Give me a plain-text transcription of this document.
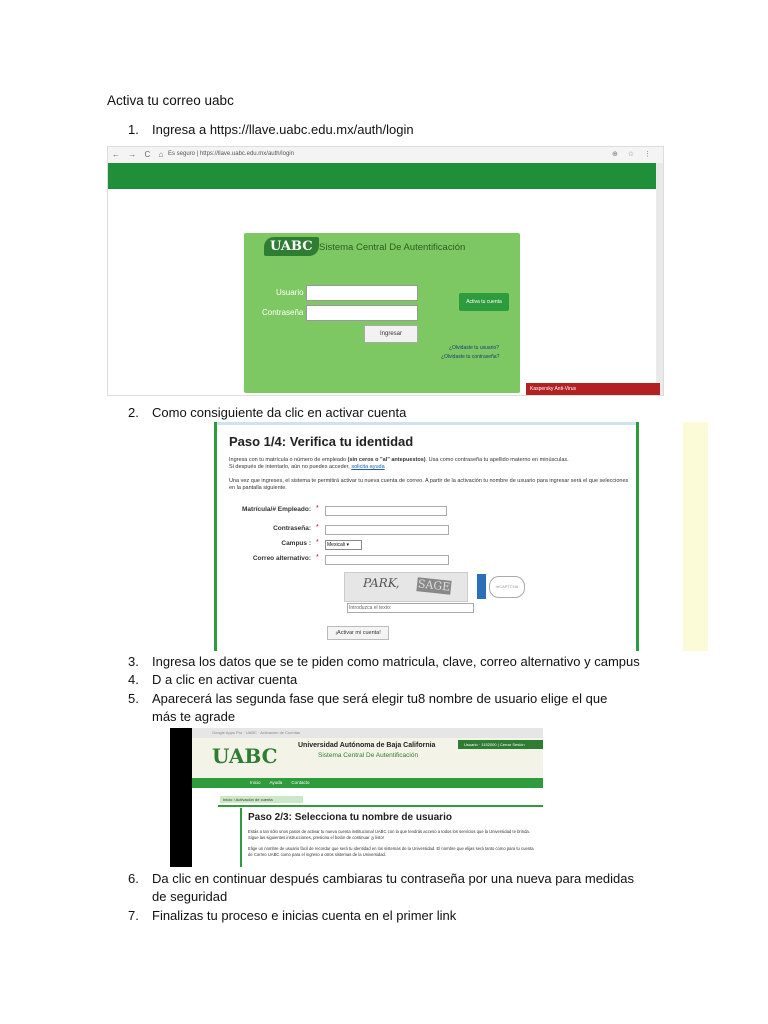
Activa tu correo uabc
1. Ingresa a https://llave.uabc.edu.mx/auth/login
← → C ⌂ Es seguro | https://llave.uabc.edu.mx/auth/login	⊕ ☆ ⋮
UABC Sistema Central De Autentificación
Usuario
Contraseña
Ingresar
Activa tu cuenta
¿Olvidaste tu usuario?
¿Olvidaste tu contraseña?
Kaspersky Anti-Virus
2. Como consiguiente da clic en activar cuenta
Paso 1/4: Verifica tu identidad
Ingresa con tu matrícula o número de empleado (sin ceros o "al" antepuestos). Usa como contraseña tu apellido materno en minúsculas.
Si después de intentarlo, aún no puedes acceder, solicita ayuda
Una vez que ingreses, el sistema te permitirá activar tu nueva cuenta de correo. A partir de la activación tu nombre de usuario para ingresar será el que selecciones en la pantalla siguiente.
Matrícula/# Empleado: *
Contraseña: *
Campus : *	Mexicali ▾
Correo alternativo: *
PARK, SAGE
Introduzca el texto:
reCAPTCHA
¡Activar mi cuenta!
3. Ingresa los datos que se te piden como matricula, clave, correo alternativo y campus
4. D a clic en activar cuenta
5.	Aparecerá las segunda fase que será elegir tu8 nombre de usuario elige el que más te agrade
Google Apps Pro · UABC · Activación de Cuentas
UABC	Universidad Autónoma de Baja California
Sistema Central De Autentificación
Usuario · 1152000 | Cerrar Sesión
Inicio Ayuda Contacto
Inicio › Activación de cuenta
Paso 2/3: Selecciona tu nombre de usuario
Estás a tan sólo unos pasos de activar tu nueva cuenta institucional UABC con la que tendrás acceso a todos los servicios que la Universidad te brinda. Sigue las siguientes instrucciones, presiona el botón de continuar ¡y listo!
Elige un nombre de usuario fácil de recordar que será tu identidad en los sistemas de la Universidad. El nombre que elijas será tanto como para tu cuenta de Correo UABC como para el ingreso a otros sistemas de la Universidad.
6.	Da clic en continuar después cambiaras tu contraseña por una nueva para medidas de seguridad
7. Finalizas tu proceso e inicias cuenta en el primer link
